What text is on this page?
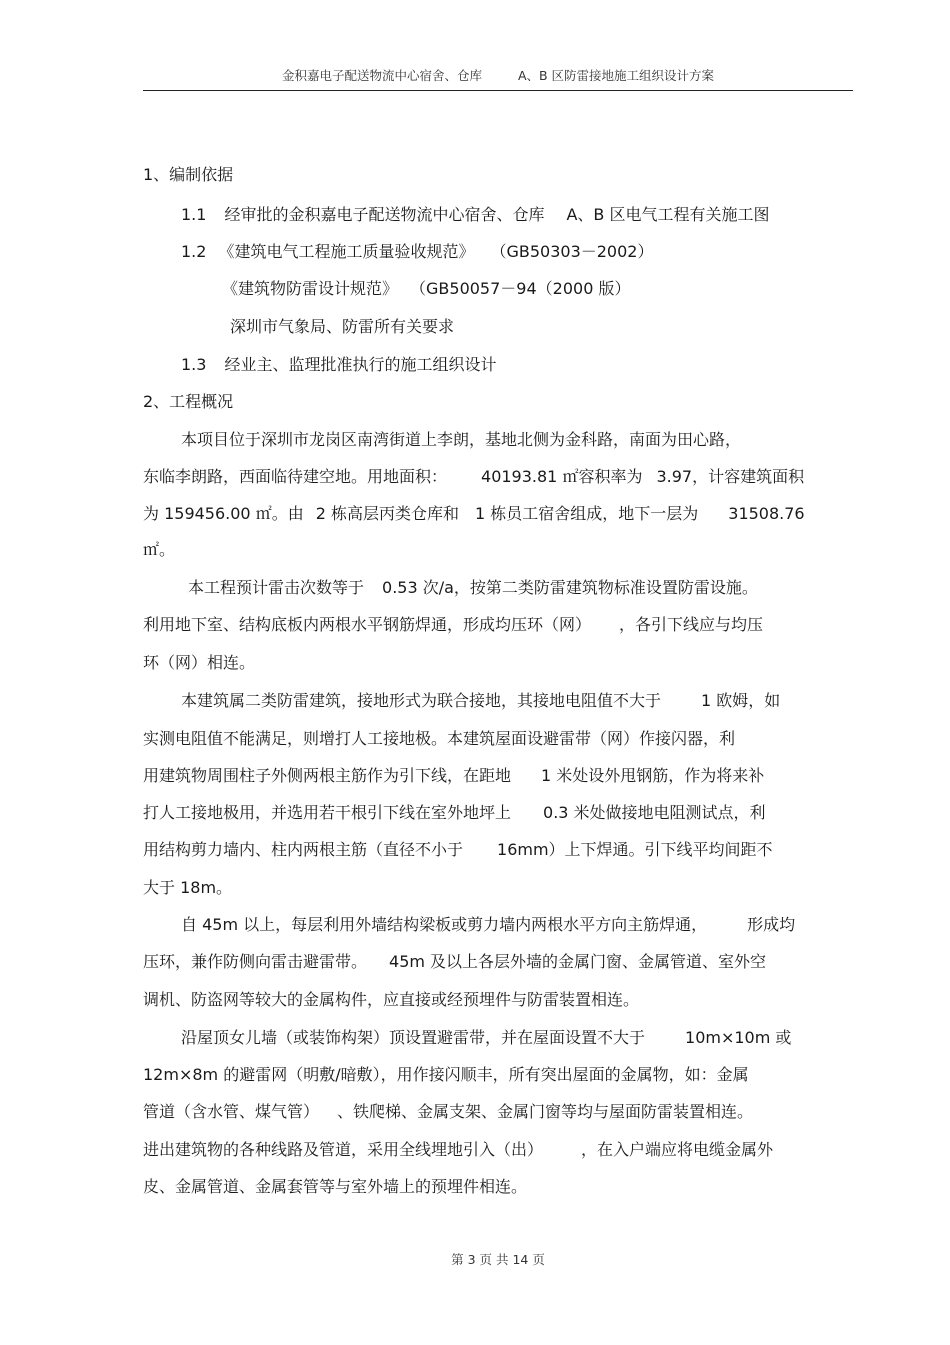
金积嘉电子配送物流中心宿舍、仓库	A、B 区防雷接地施工组织设计方案
1、编制依据
1.1 经审批的金积嘉电子配送物流中心宿舍、仓库 A、B 区电气工程有关施工图
1.2 《建筑电气工程施工质量验收规范》 （GB50303－2002）
《建筑物防雷设计规范》 （GB50057－94（2000 版）
深圳市气象局、防雷所有关要求
1.3 经业主、监理批准执行的施工组织设计
2、工程概况
本项目位于深圳市龙岗区南湾街道上李朗，基地北侧为金科路，南面为田心路，
东临李朗路，西面临待建空地。用地面积： 40193.81 ㎡容积率为 3.97，计容建筑面积
为 159456.00 ㎡。由 2 栋高层丙类仓库和 1 栋员工宿舍组成，地下一层为 31508.76
㎡。
本工程预计雷击次数等于 0.53 次/a，按第二类防雷建筑物标准设置防雷设施。
利用地下室、结构底板内两根水平钢筋焊通，形成均压环（网） ，各引下线应与均压
环（网）相连。
本建筑属二类防雷建筑，接地形式为联合接地，其接地电阻值不大于	1 欧姆，如
实测电阻值不能满足，则增打人工接地极。本建筑屋面设避雷带（网）作接闪器，利
用建筑物周围柱子外侧两根主筋作为引下线，在距地 1 米处设外甩钢筋，作为将来补
打人工接地极用，并选用若干根引下线在室外地坪上 0.3 米处做接地电阻测试点，利
用结构剪力墙内、柱内两根主筋（直径不小于 16mm）上下焊通。引下线平均间距不
大于 18m。
自 45m 以上，每层利用外墙结构梁板或剪力墙内两根水平方向主筋焊通，	形成均
压环，兼作防侧向雷击避雷带。 45m 及以上各层外墙的金属门窗、金属管道、室外空
调机、防盗网等较大的金属构件，应直接或经预埋件与防雷装置相连。
沿屋顶女儿墙（或装饰构架）顶设置避雷带，并在屋面设置不大于	10m×10m 或
12m×8m 的避雷网（明敷/暗敷），用作接闪顺丰，所有突出屋面的金属物，如：金属
管道（含水管、煤气管） 、铁爬梯、金属支架、金属门窗等均与屋面防雷装置相连。
进出建筑物的各种线路及管道，采用全线埋地引入（出） ，在入户端应将电缆金属外
皮、金属管道、金属套管等与室外墙上的预埋件相连。
第 3 页 共 14 页
